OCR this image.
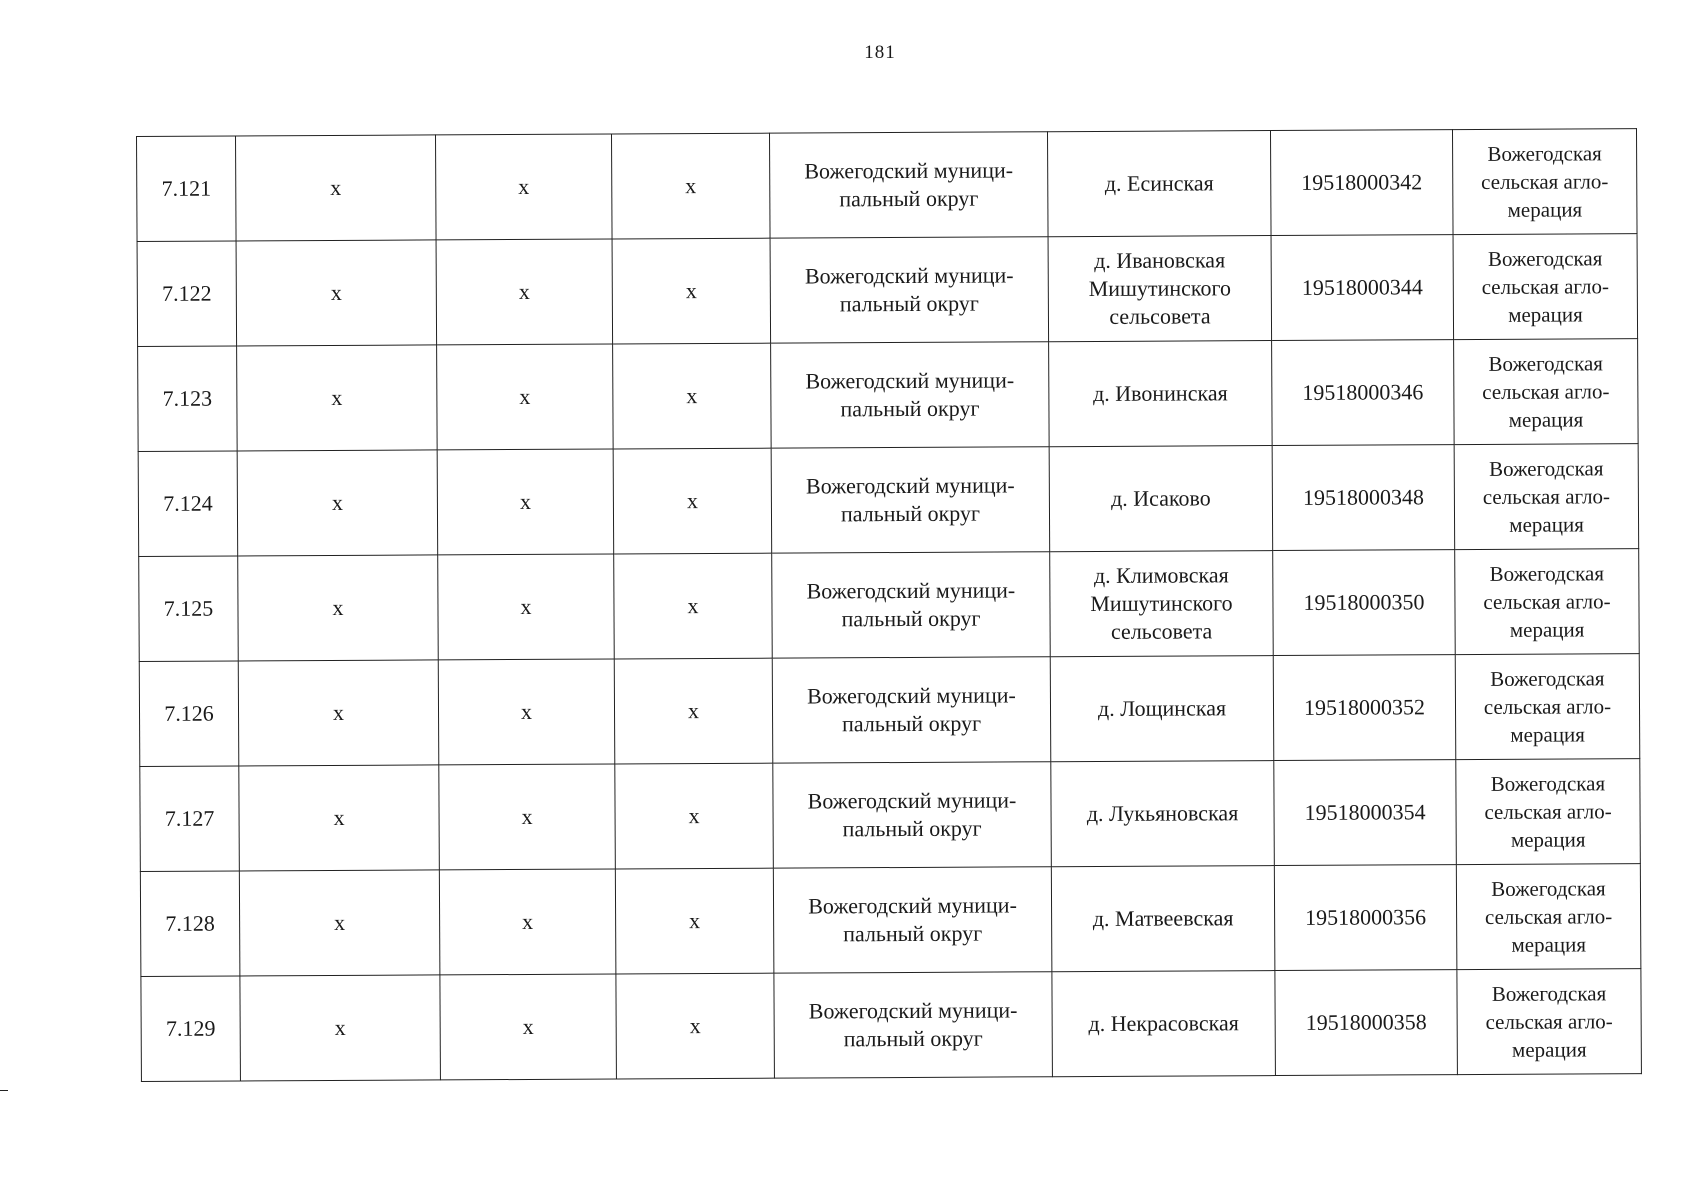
181
7.121	x	x	x	Вожегодский муници-
пальный округ	д. Есинская	19518000342	Вожегодская
сельская агло-
мерация

7.122	x	x	x	Вожегодский муници-
пальный округ	д. Ивановская
Мишутинского
сельсовета	19518000344	Вожегодская
сельская агло-
мерация

7.123	x	x	x	Вожегодский муници-
пальный округ	д. Ивонинская	19518000346	Вожегодская
сельская агло-
мерация

7.124	x	x	x	Вожегодский муници-
пальный округ	д. Исаково	19518000348	Вожегодская
сельская агло-
мерация

7.125	x	x	x	Вожегодский муници-
пальный округ	д. Климовская
Мишутинского
сельсовета	19518000350	Вожегодская
сельская агло-
мерация

7.126	x	x	x	Вожегодский муници-
пальный округ	д. Лощинская	19518000352	Вожегодская
сельская агло-
мерация

7.127	x	x	x	Вожегодский муници-
пальный округ	д. Лукьяновская	19518000354	Вожегодская
сельская агло-
мерация

7.128	x	x	x	Вожегодский муници-
пальный округ	д. Матвеевская	19518000356	Вожегодская
сельская агло-
мерация

7.129	x	x	x	Вожегодский муници-
пальный округ	д. Некрасовская	19518000358	Вожегодская
сельская агло-
мерация
